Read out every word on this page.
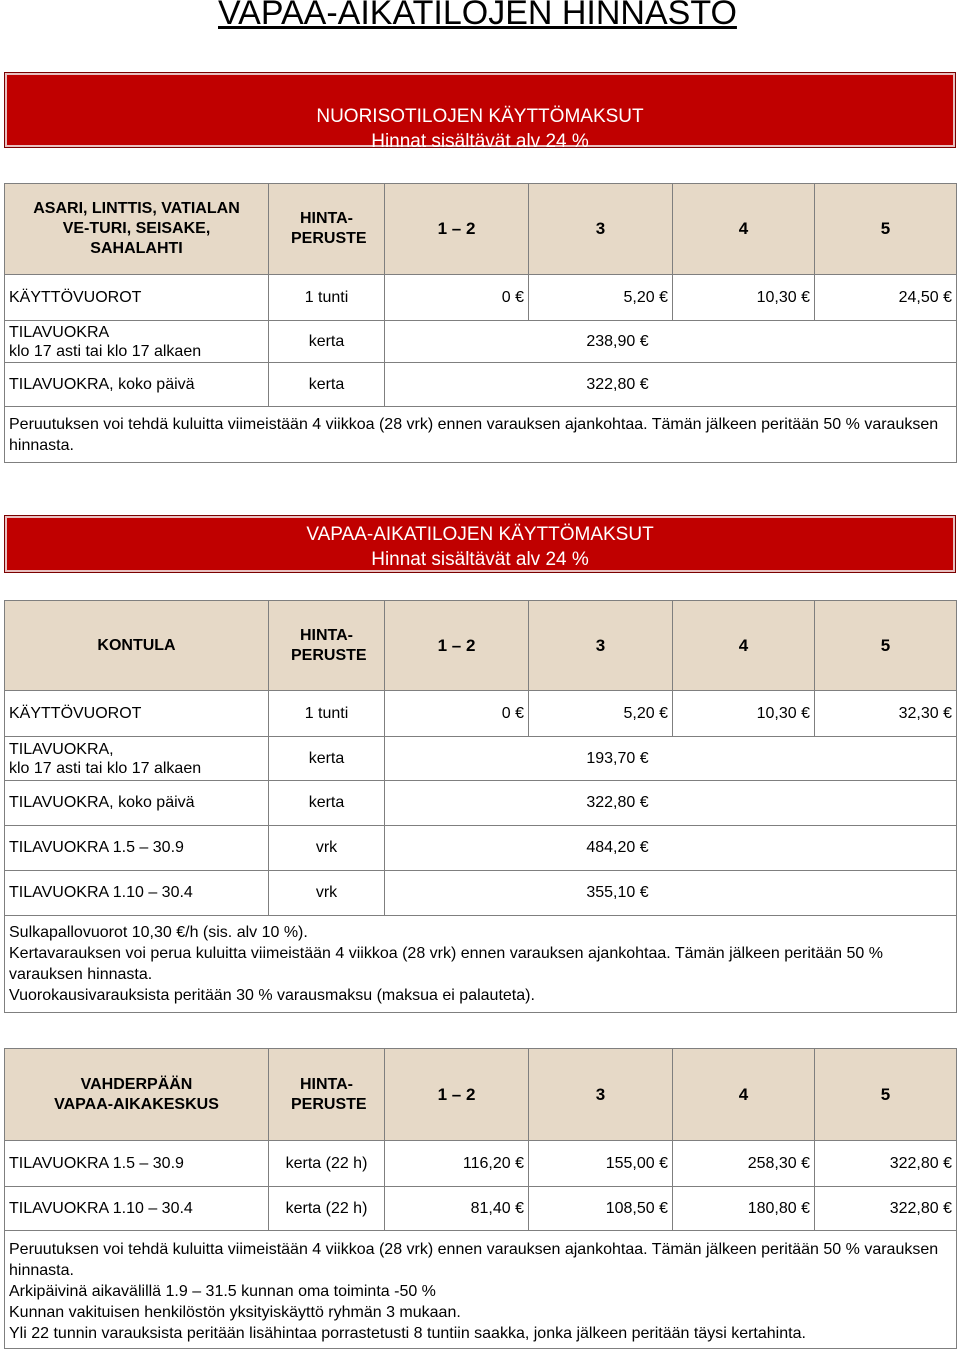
VAPAA-AIKATILOJEN HINNASTO
NUORISOTILOJEN KÄYTTÖMAKSUT
Hinnat sisältävät alv 24 %
ASARI, LINTTIS, VATIALAN VE-TURI, SEISAKE, SAHALAHTI	HINTA-PERUSTE	1 – 2	3	4	5
KÄYTTÖVUOROT	1 tunti	0 €	5,20 €	10,30 €	24,50 €

TILAVUOKRA
klo 17 asti tai klo 17 alkaen	kerta	238,90 €			
TILAVUOKRA, koko päivä	kerta	322,80 €			
Peruutuksen voi tehdä kuluitta viimeistään 4 viikkoa (28 vrk) ennen varauksen ajankohtaa. Tämän jälkeen peritään 50 % varauksen hinnasta.					
VAPAA-AIKATILOJEN KÄYTTÖMAKSUT
Hinnat sisältävät alv 24 %
KONTULA	HINTA-PERUSTE	1 – 2	3	4	5
KÄYTTÖVUOROT	1 tunti	0 €	5,20 €	10,30 €	32,30 €

TILAVUOKRA,
klo 17 asti tai klo 17 alkaen	kerta	193,70 €			
TILAVUOKRA, koko päivä	kerta	322,80 €			
TILAVUOKRA 1.5 – 30.9	vrk	484,20 €			
TILAVUOKRA 1.10 – 30.4	vrk	355,10 €			

Sulkapallovuorot 10,30 €/h (sis. alv 10 %).
Kertavarauksen voi perua kuluitta viimeistään 4 viikkoa (28 vrk) ennen varauksen ajankohtaa. Tämän jälkeen peritään 50 % varauksen hinnasta.
Vuorokausivarauksista peritään 30 % varausmaksu (maksua ei palauteta).					
VAHDERPÄÄN
VAPAA-AIKAKESKUS	HINTA-PERUSTE	1 – 2	3	4	5
TILAVUOKRA 1.5 – 30.9	kerta (22 h)	116,20 €	155,00 €	258,30 €	322,80 €
TILAVUOKRA 1.10 – 30.4	kerta (22 h)	81,40 €	108,50 €	180,80 €	322,80 €

Peruutuksen voi tehdä kuluitta viimeistään 4 viikkoa (28 vrk) ennen varauksen ajankohtaa. Tämän jälkeen peritään 50 % varauksen hinnasta.
Arkipäivinä aikavälillä 1.9 – 31.5 kunnan oma toiminta -50 %
Kunnan vakituisen henkilöstön yksityiskäyttö ryhmän 3 mukaan.
Yli 22 tunnin varauksista peritään lisähintaa porrastetusti 8 tuntiin saakka, jonka jälkeen peritään täysi kertahinta.					
